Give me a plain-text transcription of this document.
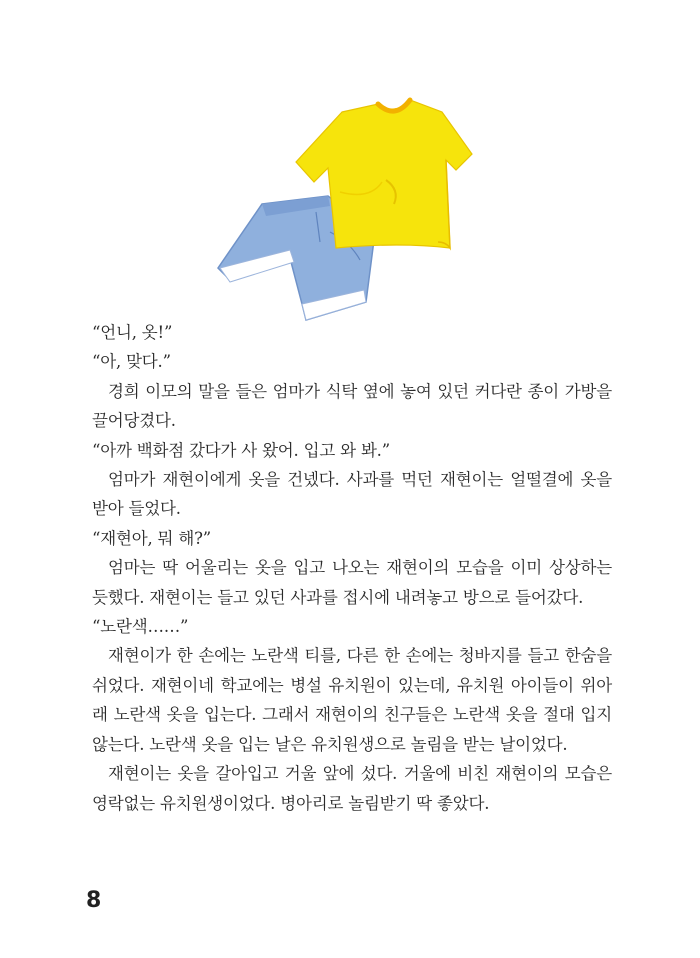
“언니, 옷!”

“아, 맞다.”

경희 이모의 말을 들은 엄마가 식탁 옆에 놓여 있던 커다란 종이 가방을 끌어당겼다.

“아까 백화점 갔다가 사 왔어. 입고 와 봐.”

엄마가 재현이에게 옷을 건넸다. 사과를 먹던 재현이는 얼떨결에 옷을 받아 들었다.

“재현아, 뭐 해?”

엄마는 딱 어울리는 옷을 입고 나오는 재현이의 모습을 이미 상상하는 듯했다. 재현이는 들고 있던 사과를 접시에 내려놓고 방으로 들어갔다.

“노란색……”

재현이가 한 손에는 노란색 티를, 다른 한 손에는 청바지를 들고 한숨을 쉬었다. 재현이네 학교에는 병설 유치원이 있는데, 유치원 아이들이 위아래 노란색 옷을 입는다. 그래서 재현이의 친구들은 노란색 옷을 절대 입지 않는다. 노란색 옷을 입는 날은 유치원생으로 놀림을 받는 날이었다.

재현이는 옷을 갈아입고 거울 앞에 섰다. 거울에 비친 재현이의 모습은 영락없는 유치원생이었다. 병아리로 놀림받기 딱 좋았다.

8
